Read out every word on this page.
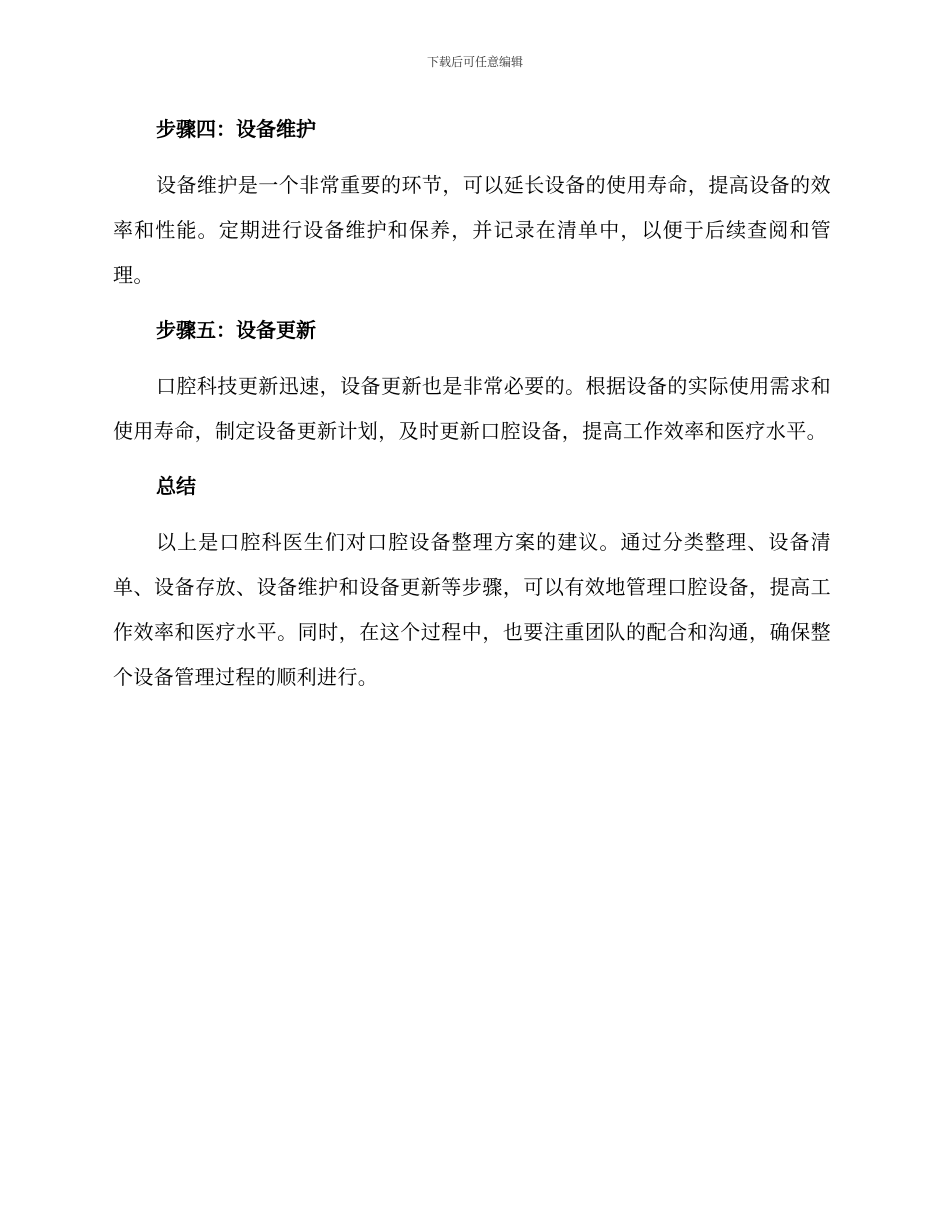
下载后可任意编辑
步骤四：设备维护

设备维护是一个非常重要的环节，可以延长设备的使用寿命，提高设备的效率和性能。定期进行设备维护和保养，并记录在清单中，以便于后续查阅和管理。

步骤五：设备更新

口腔科技更新迅速，设备更新也是非常必要的。根据设备的实际使用需求和使用寿命，制定设备更新计划，及时更新口腔设备，提高工作效率和医疗水平。

总结

以上是口腔科医生们对口腔设备整理方案的建议。通过分类整理、设备清单、设备存放、设备维护和设备更新等步骤，可以有效地管理口腔设备，提高工作效率和医疗水平。同时，在这个过程中，也要注重团队的配合和沟通，确保整个设备管理过程的顺利进行。
